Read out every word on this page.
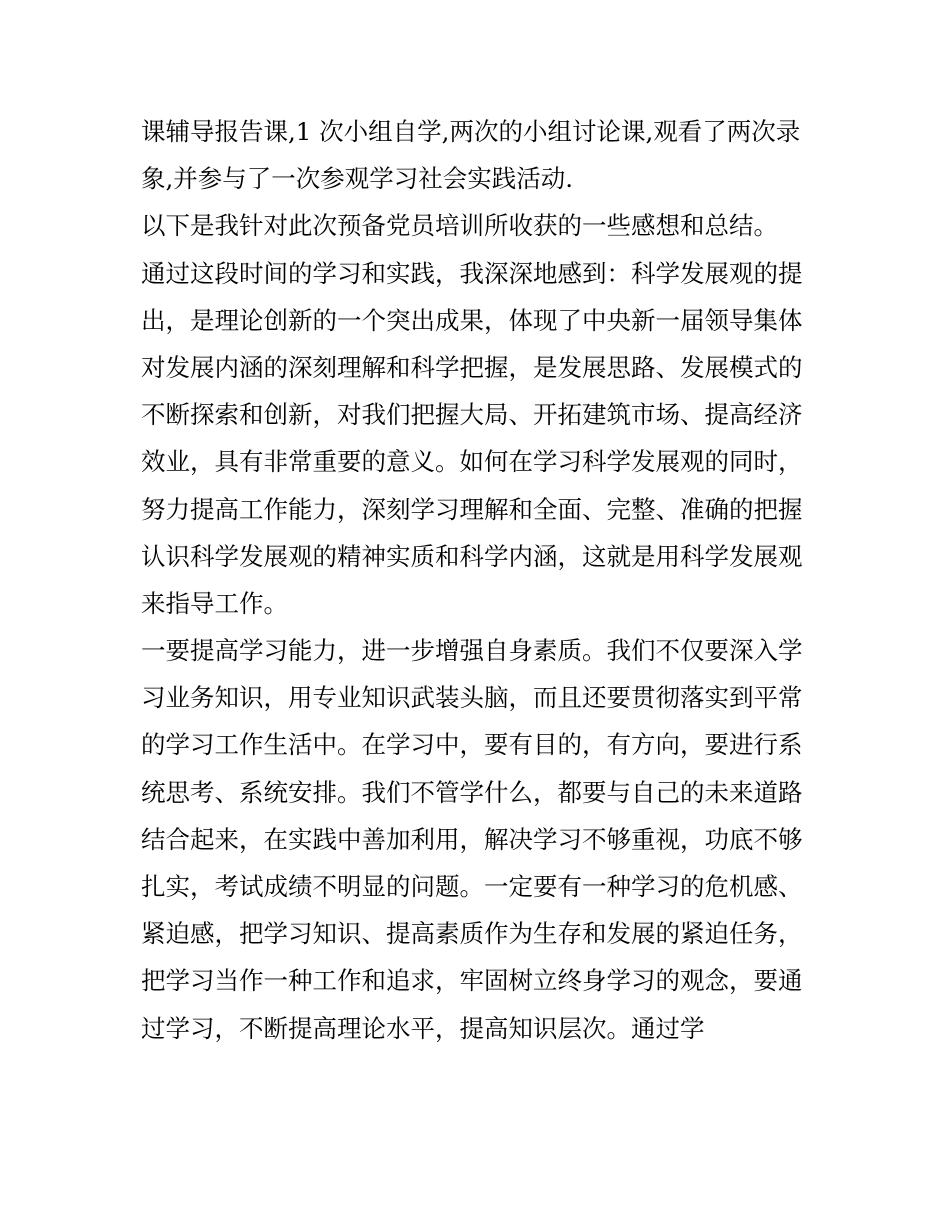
课辅导报告课,1 次小组自学,两次的小组讨论课,观看了两次录
象,并参与了一次参观学习社会实践活动.
以下是我针对此次预备党员培训所收获的一些感想和总结。
通过这段时间的学习和实践，我深深地感到：科学发展观的提
出，是理论创新的一个突出成果，体现了中央新一届领导集体
对发展内涵的深刻理解和科学把握，是发展思路、发展模式的
不断探索和创新，对我们把握大局、开拓建筑市场、提高经济
效业，具有非常重要的意义。如何在学习科学发展观的同时，
努力提高工作能力，深刻学习理解和全面、完整、准确的把握
认识科学发展观的精神实质和科学内涵，这就是用科学发展观
来指导工作。
一要提高学习能力，进一步增强自身素质。我们不仅要深入学
习业务知识，用专业知识武装头脑，而且还要贯彻落实到平常
的学习工作生活中。在学习中，要有目的，有方向，要进行系
统思考、系统安排。我们不管学什么，都要与自己的未来道路
结合起来，在实践中善加利用，解决学习不够重视，功底不够
扎实，考试成绩不明显的问题。一定要有一种学习的危机感、
紧迫感，把学习知识、提高素质作为生存和发展的紧迫任务，
把学习当作一种工作和追求，牢固树立终身学习的观念，要通
过学习，不断提高理论水平，提高知识层次。通过学
